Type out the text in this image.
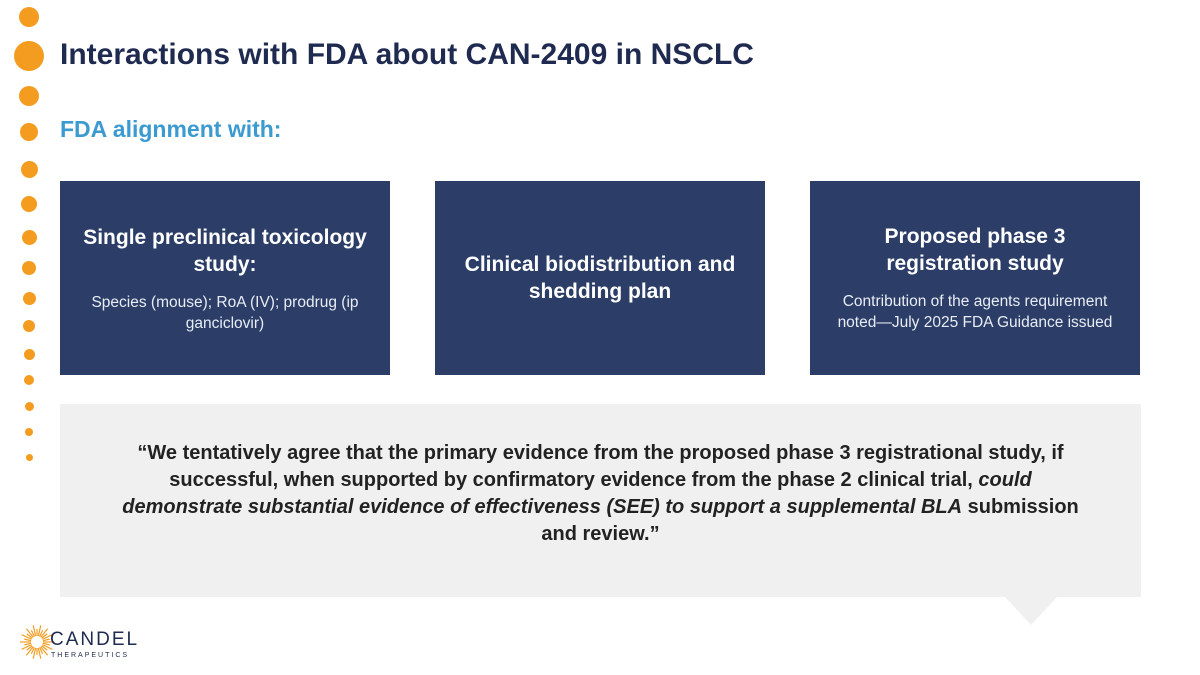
Interactions with FDA about CAN-2409 in NSCLC
FDA alignment with:
Single preclinical toxicology study:
Species (mouse); RoA (IV); prodrug (ip ganciclovir)
Clinical biodistribution and shedding plan
Proposed phase 3 registration study
Contribution of the agents requirement noted—July 2025 FDA Guidance issued
“We tentatively agree that the primary evidence from the proposed phase 3 registrational study, if successful, when supported by confirmatory evidence from the phase 2 clinical trial, could demonstrate substantial evidence of effectiveness (SEE) to support a supplemental BLA submission and review.”
CANDEL
THERAPEUTICS
